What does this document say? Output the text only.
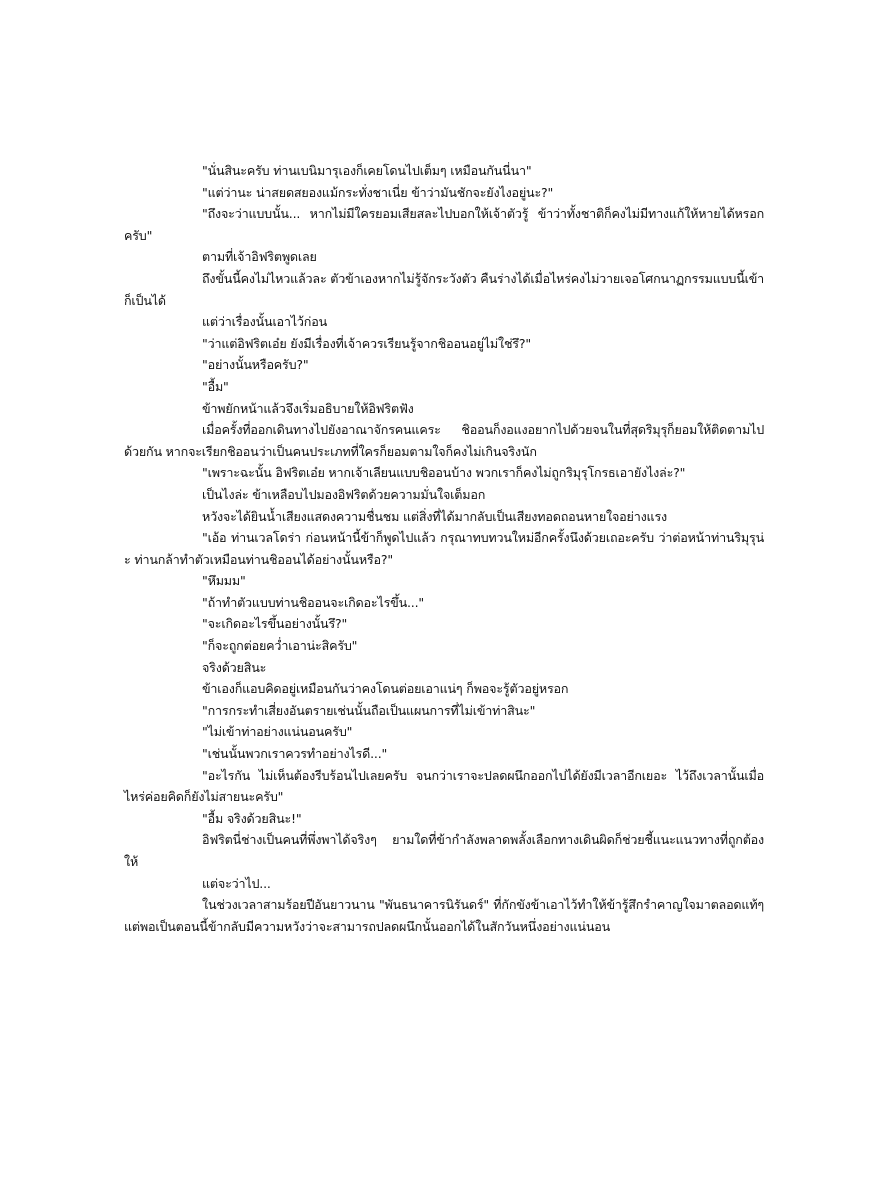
"นั่นสินะครับ ท่านเบนิมารุเองก็เคยโดนไปเต็มๆ เหมือนกันนี่นา"

"แต่ว่านะ น่าสยดสยองแม้กระทั่งชาเนี่ย ข้าว่ามันชักจะยังไงอยู่นะ?"

"ถึงจะว่าแบบนั้น... หากไม่มีใครยอมเสียสละไปบอกให้เจ้าตัวรู้ ข้าว่าทั้งชาติก็คงไม่มีทางแก้ให้หายได้หรอกครับ"

ตามที่เจ้าอิฟริตพูดเลย

ถึงขั้นนี้คงไม่ไหวแล้วละ ตัวข้าเองหากไม่รู้จักระวังตัว คืนร่างได้เมื่อไหร่คงไม่วายเจอโศกนาฏกรรมแบบนี้เข้าก็เป็นได้

แต่ว่าเรื่องนั้นเอาไว้ก่อน

"ว่าแต่อิฟริตเอ๋ย ยังมีเรื่องที่เจ้าควรเรียนรู้จากชิออนอยู่ไม่ใช่รึ?"

"อย่างนั้นหรือครับ?"

"อื้ม"

ข้าพยักหน้าแล้วจึงเริ่มอธิบายให้อิฟริตฟัง

เมื่อครั้งที่ออกเดินทางไปยังอาณาจักรคนแคระ ชิออนก็งอแงอยากไปด้วยจนในที่สุดริมุรุก็ยอมให้ติดตามไปด้วยกัน หากจะเรียกชิออนว่าเป็นคนประเภทที่ใครก็ยอมตามใจก็คงไม่เกินจริงนัก

"เพราะฉะนั้น อิฟริตเอ๋ย หากเจ้าเลียนแบบชิออนบ้าง พวกเราก็คงไม่ถูกริมุรุโกรธเอายังไงล่ะ?"

เป็นไงล่ะ ข้าเหลือบไปมองอิฟริตด้วยความมั่นใจเต็มอก

หวังจะได้ยินน้ำเสียงแสดงความชื่นชม แต่สิ่งที่ได้มากลับเป็นเสียงทอดถอนหายใจอย่างแรง

"เอ้อ ท่านเวลโดร่า ก่อนหน้านี้ข้าก็พูดไปแล้ว กรุณาทบทวนใหม่อีกครั้งนึงด้วยเถอะครับ ว่าต่อหน้าท่านริมุรุน่ะ ท่านกล้าทำตัวเหมือนท่านชิออนได้อย่างนั้นหรือ?"

"หึมมม"

"ถ้าทำตัวแบบท่านชิออนจะเกิดอะไรขึ้น..."

"จะเกิดอะไรขึ้นอย่างนั้นรึ?"

"ก็จะถูกต่อยคว่ำเอาน่ะสิครับ"

จริงด้วยสินะ

ข้าเองก็แอบคิดอยู่เหมือนกันว่าคงโดนต่อยเอาแน่ๆ ก็พอจะรู้ตัวอยู่หรอก

"การกระทำเสี่ยงอันตรายเช่นนั้นถือเป็นแผนการที่ไม่เข้าท่าสินะ"

"ไม่เข้าท่าอย่างแน่นอนครับ"

"เช่นนั้นพวกเราควรทำอย่างไรดี..."

"อะไรกัน ไม่เห็นต้องรีบร้อนไปเลยครับ จนกว่าเราจะปลดผนึกออกไปได้ยังมีเวลาอีกเยอะ ไว้ถึงเวลานั้นเมื่อไหร่ค่อยคิดก็ยังไม่สายนะครับ"

"อื้ม จริงด้วยสินะ!"

อิฟริตนี่ช่างเป็นคนที่พึ่งพาได้จริงๆ ยามใดที่ข้ากำลังพลาดพลั้งเลือกทางเดินผิดก็ช่วยชี้แนะแนวทางที่ถูกต้องให้

แต่จะว่าไป...

ในช่วงเวลาสามร้อยปีอันยาวนาน "พันธนาคารนิรันดร์" ที่กักขังข้าเอาไว้ทำให้ข้ารู้สึกรำคาญใจมาตลอดแท้ๆ แต่พอเป็นตอนนี้ข้ากลับมีความหวังว่าจะสามารถปลดผนึกนั้นออกได้ในสักวันหนึ่งอย่างแน่นอน
